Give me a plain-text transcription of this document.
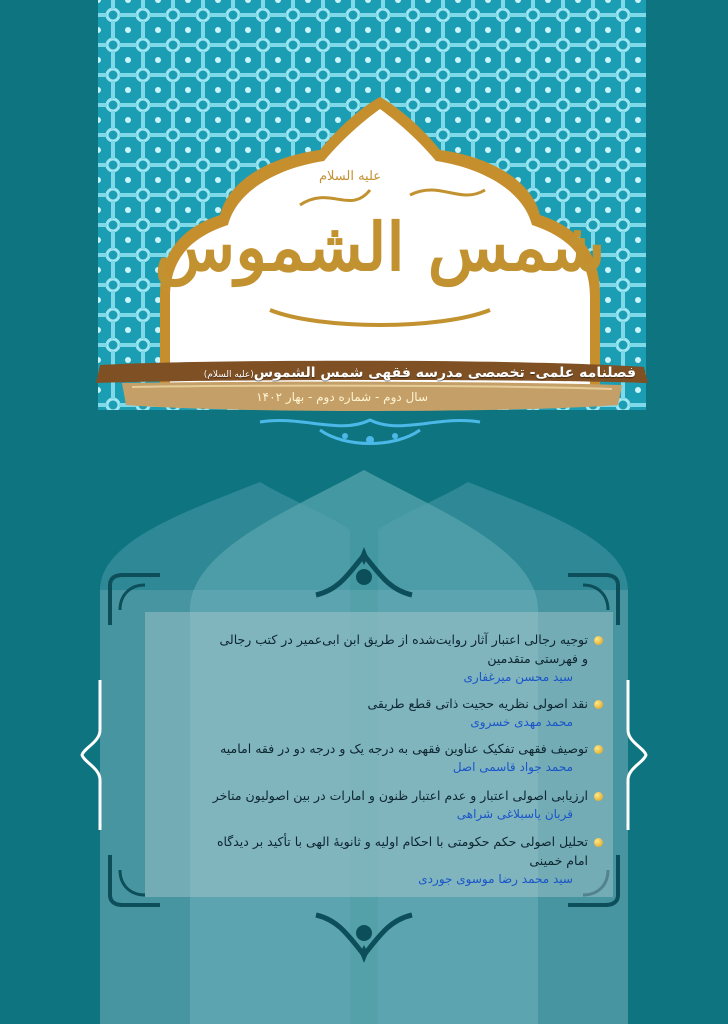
شمس الشموس
علیه السلام
فصلنامه علمی- تخصصی مدرسه فقهی شمس الشموس(علیه السلام)
سال دوم - شماره دوم - بهار ۱۴۰۲
توجیه رجالی اعتبار آثار روایت‌شده از طریق ابن ابی‌عمیر در کتب رجالی
و فهرستی متقدمین
سید محسن میرغفاری
نقد اصولی نظریه حجیت ذاتی قطع طریقی
محمد مهدی خسروی
توصیف فقهی تفکیک عناوین فقهی به درجه یک و درجه دو در فقه امامیه
محمد جواد قاسمی اصل
ارزیابی اصولی اعتبار و عدم اعتبار ظنون و امارات در بین اصولیون متاخر
قربان یاسبلاغی شراهی
تحلیل اصولی حکم حکومتی با احکام اولیه و ثانویهٔ الهی با تأکید بر دیدگاه
امام خمینی
سید محمد رضا موسوی جوردی
